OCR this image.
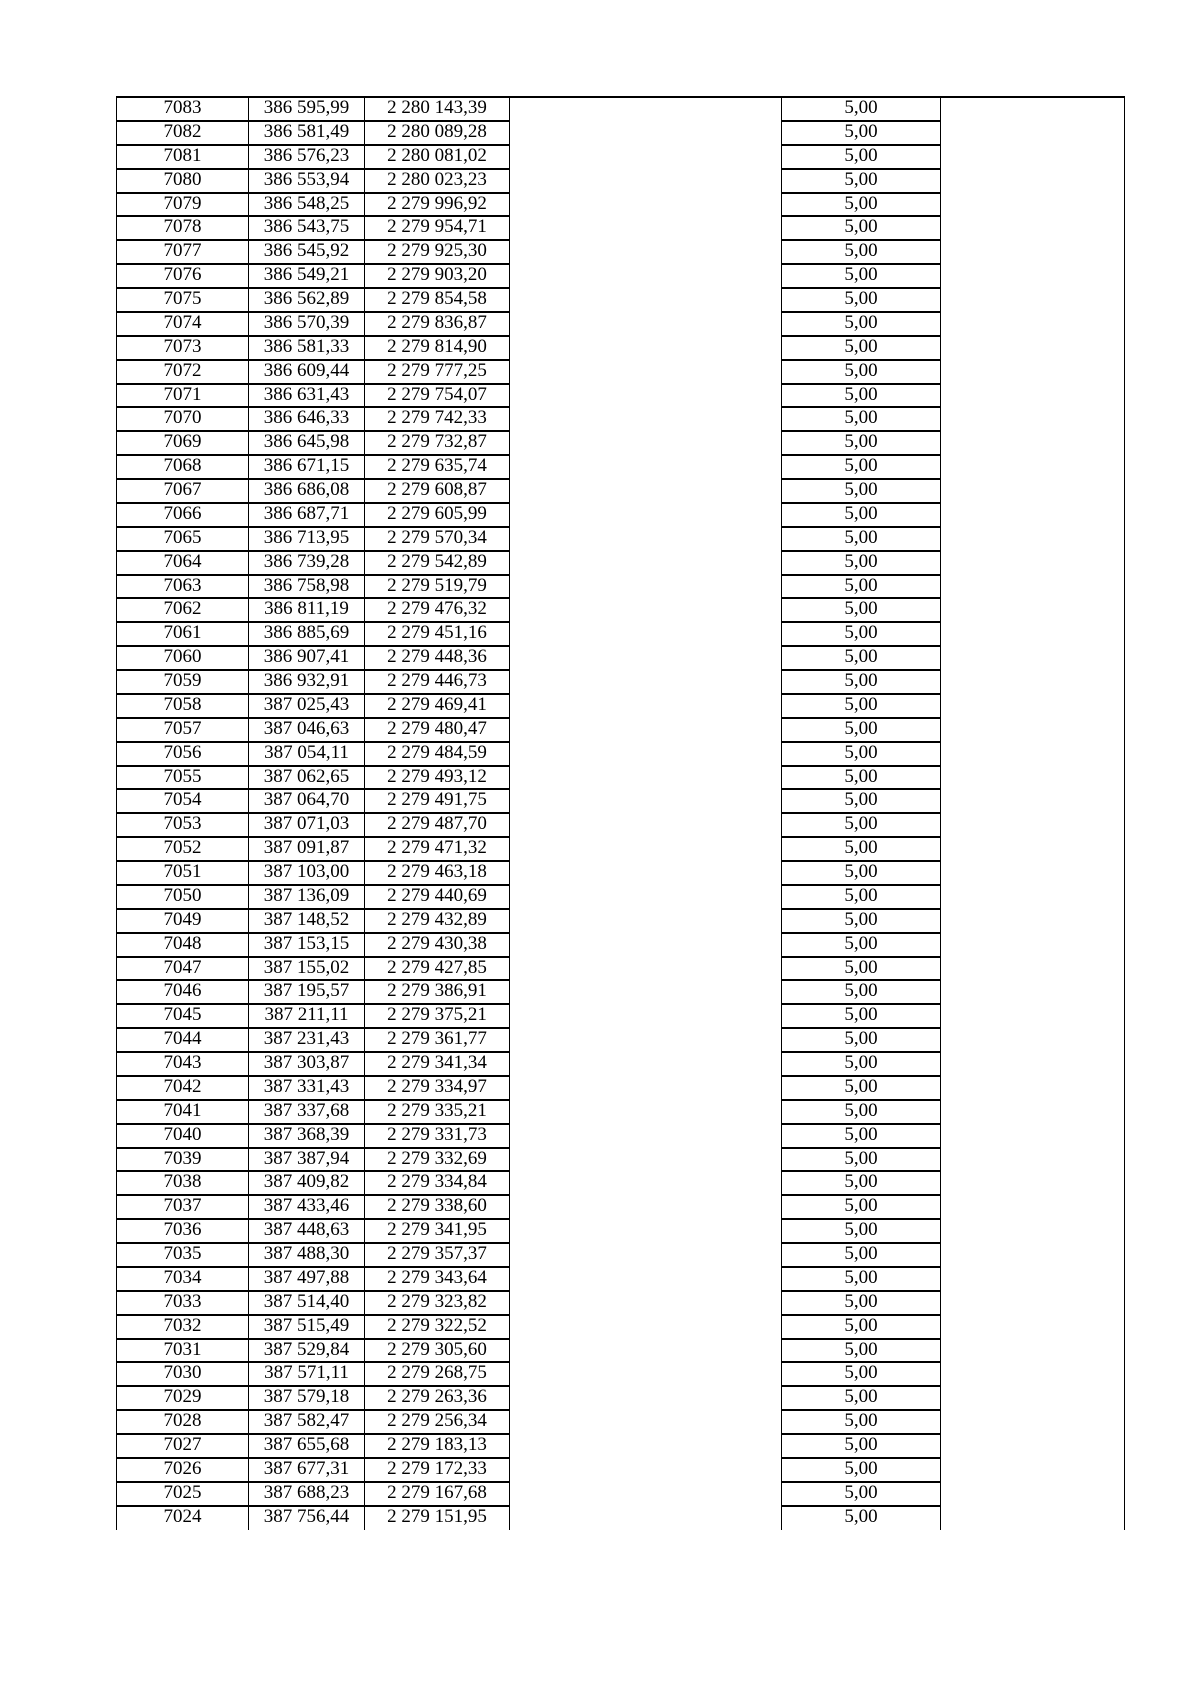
7083	386 595,99	2 280 143,39		5,00	
7082	386 581,49	2 280 089,28		5,00	
7081	386 576,23	2 280 081,02		5,00	
7080	386 553,94	2 280 023,23		5,00	
7079	386 548,25	2 279 996,92		5,00	
7078	386 543,75	2 279 954,71		5,00	
7077	386 545,92	2 279 925,30		5,00	
7076	386 549,21	2 279 903,20		5,00	
7075	386 562,89	2 279 854,58		5,00	
7074	386 570,39	2 279 836,87		5,00	
7073	386 581,33	2 279 814,90		5,00	
7072	386 609,44	2 279 777,25		5,00	
7071	386 631,43	2 279 754,07		5,00	
7070	386 646,33	2 279 742,33		5,00	
7069	386 645,98	2 279 732,87		5,00	
7068	386 671,15	2 279 635,74		5,00	
7067	386 686,08	2 279 608,87		5,00	
7066	386 687,71	2 279 605,99		5,00	
7065	386 713,95	2 279 570,34		5,00	
7064	386 739,28	2 279 542,89		5,00	
7063	386 758,98	2 279 519,79		5,00	
7062	386 811,19	2 279 476,32		5,00	
7061	386 885,69	2 279 451,16		5,00	
7060	386 907,41	2 279 448,36		5,00	
7059	386 932,91	2 279 446,73		5,00	
7058	387 025,43	2 279 469,41		5,00	
7057	387 046,63	2 279 480,47		5,00	
7056	387 054,11	2 279 484,59		5,00	
7055	387 062,65	2 279 493,12		5,00	
7054	387 064,70	2 279 491,75		5,00	
7053	387 071,03	2 279 487,70		5,00	
7052	387 091,87	2 279 471,32		5,00	
7051	387 103,00	2 279 463,18		5,00	
7050	387 136,09	2 279 440,69		5,00	
7049	387 148,52	2 279 432,89		5,00	
7048	387 153,15	2 279 430,38		5,00	
7047	387 155,02	2 279 427,85		5,00	
7046	387 195,57	2 279 386,91		5,00	
7045	387 211,11	2 279 375,21		5,00	
7044	387 231,43	2 279 361,77		5,00	
7043	387 303,87	2 279 341,34		5,00	
7042	387 331,43	2 279 334,97		5,00	
7041	387 337,68	2 279 335,21		5,00	
7040	387 368,39	2 279 331,73		5,00	
7039	387 387,94	2 279 332,69		5,00	
7038	387 409,82	2 279 334,84		5,00	
7037	387 433,46	2 279 338,60		5,00	
7036	387 448,63	2 279 341,95		5,00	
7035	387 488,30	2 279 357,37		5,00	
7034	387 497,88	2 279 343,64		5,00	
7033	387 514,40	2 279 323,82		5,00	
7032	387 515,49	2 279 322,52		5,00	
7031	387 529,84	2 279 305,60		5,00	
7030	387 571,11	2 279 268,75		5,00	
7029	387 579,18	2 279 263,36		5,00	
7028	387 582,47	2 279 256,34		5,00	
7027	387 655,68	2 279 183,13		5,00	
7026	387 677,31	2 279 172,33		5,00	
7025	387 688,23	2 279 167,68		5,00	
7024	387 756,44	2 279 151,95		5,00	
